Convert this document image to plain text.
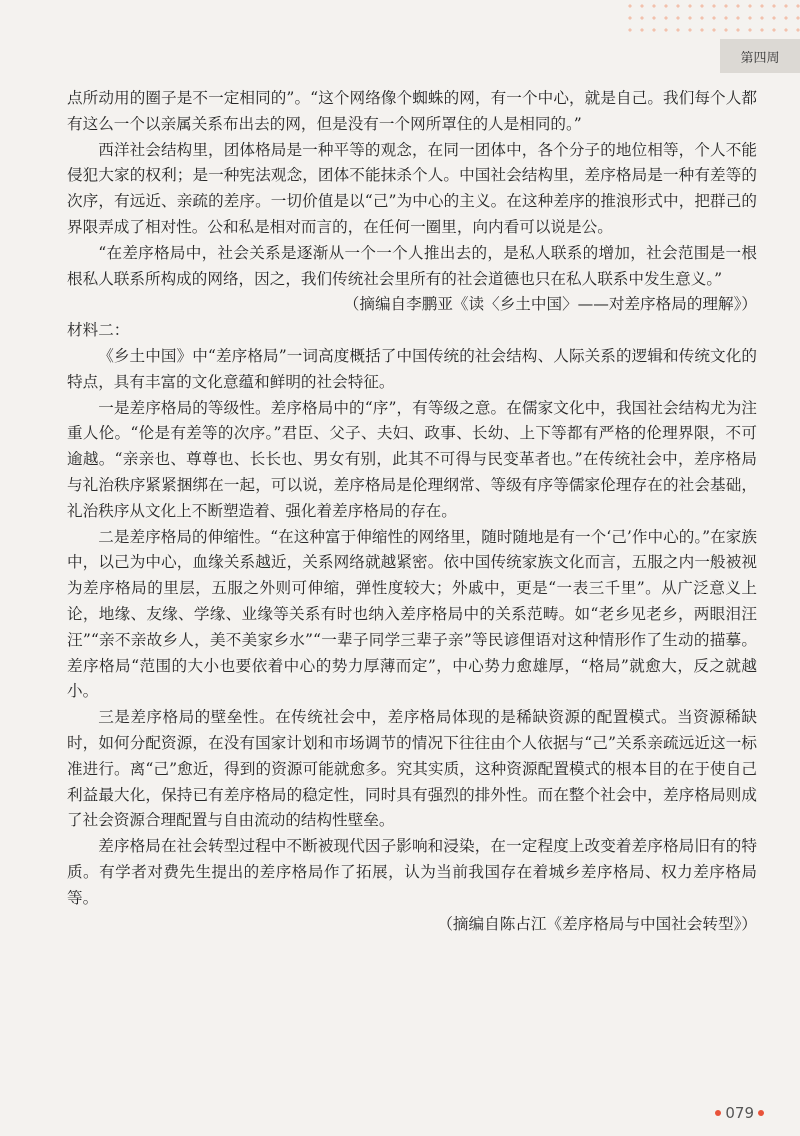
第四周

点所动用的圈子是不一定相同的”。“这个网络像个蜘蛛的网，有一个中心，就是自己。我们每个人都有这么一个以亲属关系布出去的网，但是没有一个网所罩住的人是相同的。”

西洋社会结构里，团体格局是一种平等的观念，在同一团体中，各个分子的地位相等，个人不能侵犯大家的权利；是一种宪法观念，团体不能抹杀个人。中国社会结构里，差序格局是一种有差等的次序，有远近、亲疏的差序。一切价值是以“己”为中心的主义。在这种差序的推浪形式中，把群己的界限弄成了相对性。公和私是相对而言的，在任何一圈里，向内看可以说是公。

“在差序格局中，社会关系是逐渐从一个一个人推出去的，是私人联系的增加，社会范围是一根根私人联系所构成的网络，因之，我们传统社会里所有的社会道德也只在私人联系中发生意义。”

（摘编自李鹏亚《读〈乡土中国〉——对差序格局的理解》）

材料二：

《乡土中国》中“差序格局”一词高度概括了中国传统的社会结构、人际关系的逻辑和传统文化的特点，具有丰富的文化意蕴和鲜明的社会特征。

一是差序格局的等级性。差序格局中的“序”，有等级之意。在儒家文化中，我国社会结构尤为注重人伦。“伦是有差等的次序。”君臣、父子、夫妇、政事、长幼、上下等都有严格的伦理界限，不可逾越。“亲亲也、尊尊也、长长也、男女有别，此其不可得与民变革者也。”在传统社会中，差序格局与礼治秩序紧紧捆绑在一起，可以说，差序格局是伦理纲常、等级有序等儒家伦理存在的社会基础，礼治秩序从文化上不断塑造着、强化着差序格局的存在。

二是差序格局的伸缩性。“在这种富于伸缩性的网络里，随时随地是有一个‘己’作中心的。”在家族中，以己为中心，血缘关系越近，关系网络就越紧密。依中国传统家族文化而言，五服之内一般被视为差序格局的里层，五服之外则可伸缩，弹性度较大；外戚中，更是“一表三千里”。从广泛意义上论，地缘、友缘、学缘、业缘等关系有时也纳入差序格局中的关系范畴。如“老乡见老乡，两眼泪汪汪”“亲不亲故乡人，美不美家乡水”“一辈子同学三辈子亲”等民谚俚语对这种情形作了生动的描摹。差序格局“范围的大小也要依着中心的势力厚薄而定”，中心势力愈雄厚，“格局”就愈大，反之就越小。

三是差序格局的壁垒性。在传统社会中，差序格局体现的是稀缺资源的配置模式。当资源稀缺时，如何分配资源，在没有国家计划和市场调节的情况下往往由个人依据与“己”关系亲疏远近这一标准进行。离“己”愈近，得到的资源可能就愈多。究其实质，这种资源配置模式的根本目的在于使自己利益最大化，保持已有差序格局的稳定性，同时具有强烈的排外性。而在整个社会中，差序格局则成了社会资源合理配置与自由流动的结构性壁垒。

差序格局在社会转型过程中不断被现代因子影响和浸染，在一定程度上改变着差序格局旧有的特质。有学者对费先生提出的差序格局作了拓展，认为当前我国存在着城乡差序格局、权力差序格局等。

（摘编自陈占江《差序格局与中国社会转型》）

079
